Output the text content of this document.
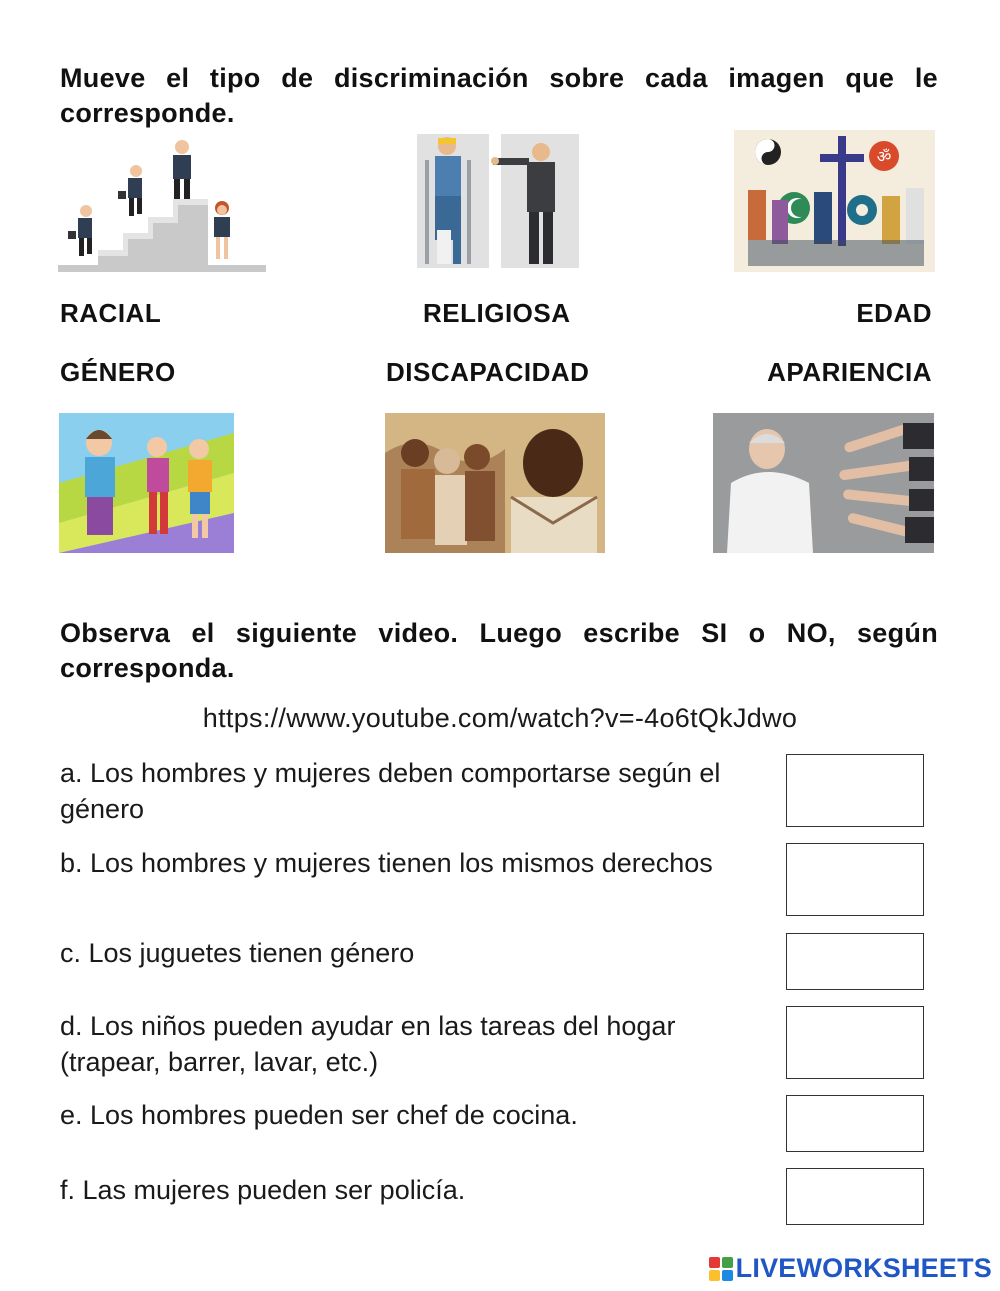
Mueve el tipo de discriminación sobre cada imagen que le corresponde.
ॐ
RACIAL	RELIGIOSA	EDAD
GÉNERO	DISCAPACIDAD	APARIENCIA
Observa el siguiente video. Luego escribe SI o NO, según corresponda.
https://www.youtube.com/watch?v=-4o6tQkJdwo
a. Los hombres y mujeres deben comportarse según el género
b. Los hombres y mujeres tienen los mismos derechos
c. Los juguetes tienen género
d. Los niños pueden ayudar en las tareas del hogar (trapear, barrer, lavar, etc.)
e. Los hombres pueden ser chef de cocina.
f. Las mujeres pueden ser policía.
LIVEWORKSHEETS
